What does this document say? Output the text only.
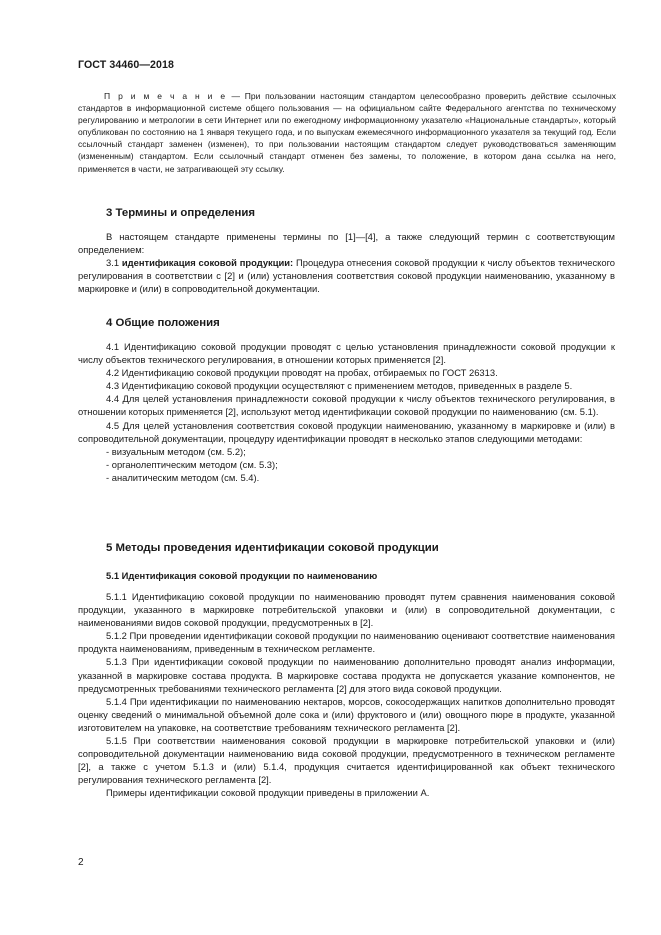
ГОСТ 34460—2018

П р и м е ч а н и е — При пользовании настоящим стандартом целесообразно проверить действие ссылочных стандартов в информационной системе общего пользования — на официальном сайте Федерального агентства по техническому регулированию и метрологии в сети Интернет или по ежегодному информационному указателю «Национальные стандарты», который опубликован по состоянию на 1 января текущего года, и по выпускам ежемесячного информационного указателя за текущий год. Если ссылочный стандарт заменен (изменен), то при пользовании настоящим стандартом следует руководствоваться заменяющим (измененным) стандартом. Если ссылочный стандарт отменен без замены, то положение, в котором дана ссылка на него, применяется в части, не затрагивающей эту ссылку.

3 Термины и определения

В настоящем стандарте применены термины по [1]—[4], а также следующий термин с соответствующим определением:

3.1 идентификация соковой продукции: Процедура отнесения соковой продукции к числу объектов технического регулирования в соответствии с [2] и (или) установления соответствия соковой продукции наименованию, указанному в маркировке и (или) в сопроводительной документации.

4 Общие положения

4.1 Идентификацию соковой продукции проводят с целью установления принадлежности соковой продукции к числу объектов технического регулирования, в отношении которых применяется [2].

4.2 Идентификацию соковой продукции проводят на пробах, отбираемых по ГОСТ 26313.

4.3 Идентификацию соковой продукции осуществляют с применением методов, приведенных в разделе 5.

4.4 Для целей установления принадлежности соковой продукции к числу объектов технического регулирования, в отношении которых применяется [2], используют метод идентификации соковой продукции по наименованию (см. 5.1).

4.5 Для целей установления соответствия соковой продукции наименованию, указанному в маркировке и (или) в сопроводительной документации, процедуру идентификации проводят в несколько этапов следующими методами:

- визуальным методом (см. 5.2);

- органолептическим методом (см. 5.3);

- аналитическим методом (см. 5.4).

5 Методы проведения идентификации соковой продукции
5.1 Идентификация соковой продукции по наименованию

5.1.1 Идентификацию соковой продукции по наименованию проводят путем сравнения наименования соковой продукции, указанного в маркировке потребительской упаковки и (или) в сопроводительной документации, с наименованиями видов соковой продукции, предусмотренных в [2].

5.1.2 При проведении идентификации соковой продукции по наименованию оценивают соответствие наименования продукта наименованиям, приведенным в техническом регламенте.

5.1.3 При идентификации соковой продукции по наименованию дополнительно проводят анализ информации, указанной в маркировке состава продукта. В маркировке состава продукта не допускается указание компонентов, не предусмотренных требованиями технического регламента [2] для этого вида соковой продукции.

5.1.4 При идентификации по наименованию нектаров, морсов, сокосодержащих напитков дополнительно проводят оценку сведений о минимальной объемной доле сока и (или) фруктового и (или) овощного пюре в продукте, указанной изготовителем на упаковке, на соответствие требованиям технического регламента [2].

5.1.5 При соответствии наименования соковой продукции в маркировке потребительской упаковки и (или) сопроводительной документации наименованию вида соковой продукции, предусмотренного в техническом регламенте [2], а также с учетом 5.1.3 и (или) 5.1.4, продукция считается идентифицированной как объект технического регулирования технического регламента [2].

Примеры идентификации соковой продукции приведены в приложении А.

2
